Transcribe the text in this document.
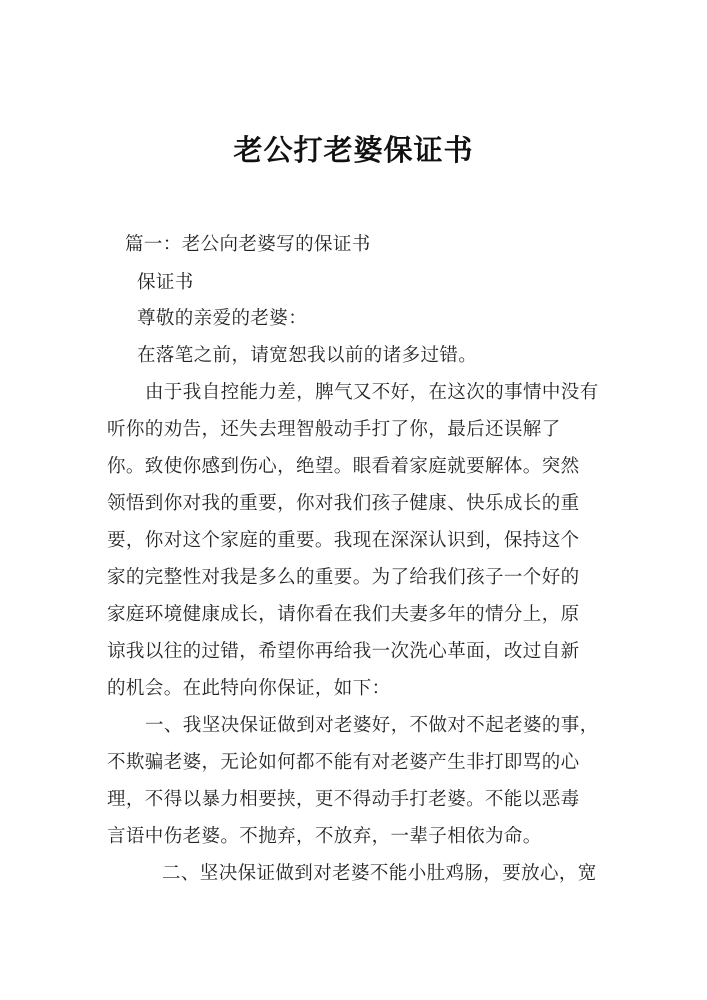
老公打老婆保证书
篇一：老公向老婆写的保证书
保证书
尊敬的亲爱的老婆：
在落笔之前，请宽恕我以前的诸多过错。
由于我自控能力差，脾气又不好，在这次的事情中没有
听你的劝告，还失去理智般动手打了你，最后还误解了
你。致使你感到伤心，绝望。眼看着家庭就要解体。突然
领悟到你对我的重要，你对我们孩子健康、快乐成长的重
要，你对这个家庭的重要。我现在深深认识到，保持这个
家的完整性对我是多么的重要。为了给我们孩子一个好的
家庭环境健康成长，请你看在我们夫妻多年的情分上，原
谅我以往的过错，希望你再给我一次洗心革面，改过自新
的机会。在此特向你保证，如下：
一、我坚决保证做到对老婆好，不做对不起老婆的事，
不欺骗老婆，无论如何都不能有对老婆产生非打即骂的心
理，不得以暴力相要挟，更不得动手打老婆。不能以恶毒
言语中伤老婆。不抛弃，不放弃，一辈子相依为命。
二、坚决保证做到对老婆不能小肚鸡肠，要放心，宽
